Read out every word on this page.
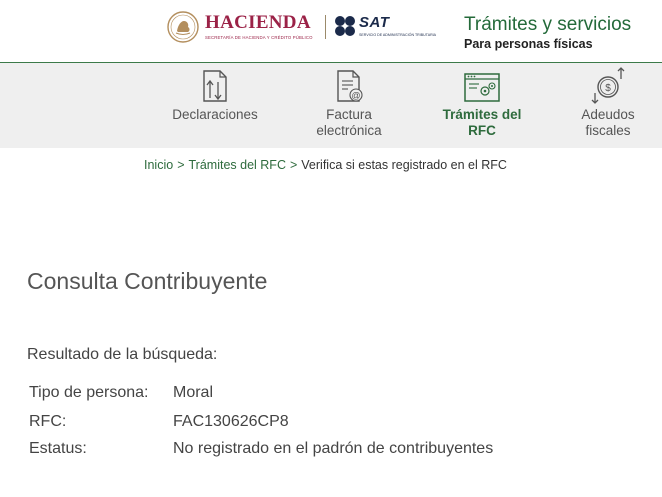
HACIENDA
SECRETARÍA DE HACIENDA Y CRÉDITO PÚBLICO
SAT
SERVICIO DE ADMINISTRACIÓN TRIBUTARIA Trámites y servicios
Para personas físicas
Declaraciones
@
Factura
electrónica
Trámites del
RFC
$
Adeudos
fiscales
Inicio > Trámites del RFC > Verifica si estas registrado en el RFC
Consulta Contribuyente
Resultado de la búsqueda:
Tipo de persona: Moral
RFC:	FAC130626CP8
Estatus:	No registrado en el padrón de contribuyentes
